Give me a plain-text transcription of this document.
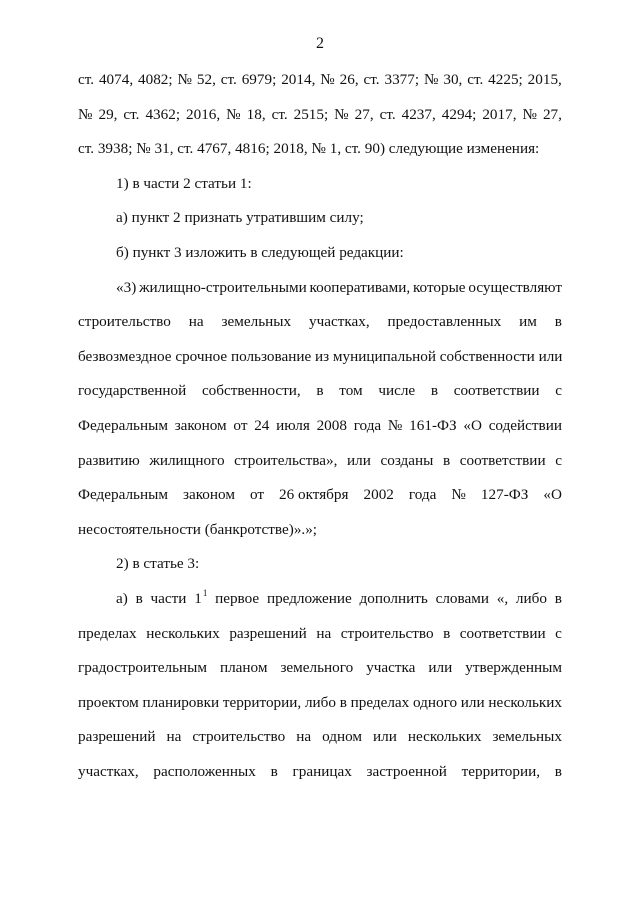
2
ст. 4074, 4082; № 52, ст. 6979; 2014, № 26, ст. 3377; № 30, ст. 4225; 2015,
№ 29, ст. 4362; 2016, № 18, ст. 2515; № 27, ст. 4237, 4294; 2017, № 27,
ст. 3938; № 31, ст. 4767, 4816; 2018, № 1, ст. 90) следующие изменения:
1) в части 2 статьи 1:
а) пункт 2 признать утратившим силу;
б) пункт 3 изложить в следующей редакции:
«3) жилищно-строительными кооперативами, которые осуществляют
строительство на земельных участках, предоставленных им в
безвозмездное срочное пользование из муниципальной собственности или
государственной собственности, в том числе в соответствии с
Федеральным законом от 24 июля 2008 года № 161-ФЗ «О содействии
развитию жилищного строительства», или созданы в соответствии с
Федеральным законом от 26 октября 2002 года № 127-ФЗ «О
несостоятельности (банкротстве)».»;
2) в статье 3:
а) в части $1^1$ первое предложение дополнить словами «, либо в
пределах нескольких разрешений на строительство в соответствии с
градостроительным планом земельного участка или утвержденным
проектом планировки территории, либо в пределах одного или нескольких
разрешений на строительство на одном или нескольких земельных
участках, расположенных в границах застроенной территории, в
